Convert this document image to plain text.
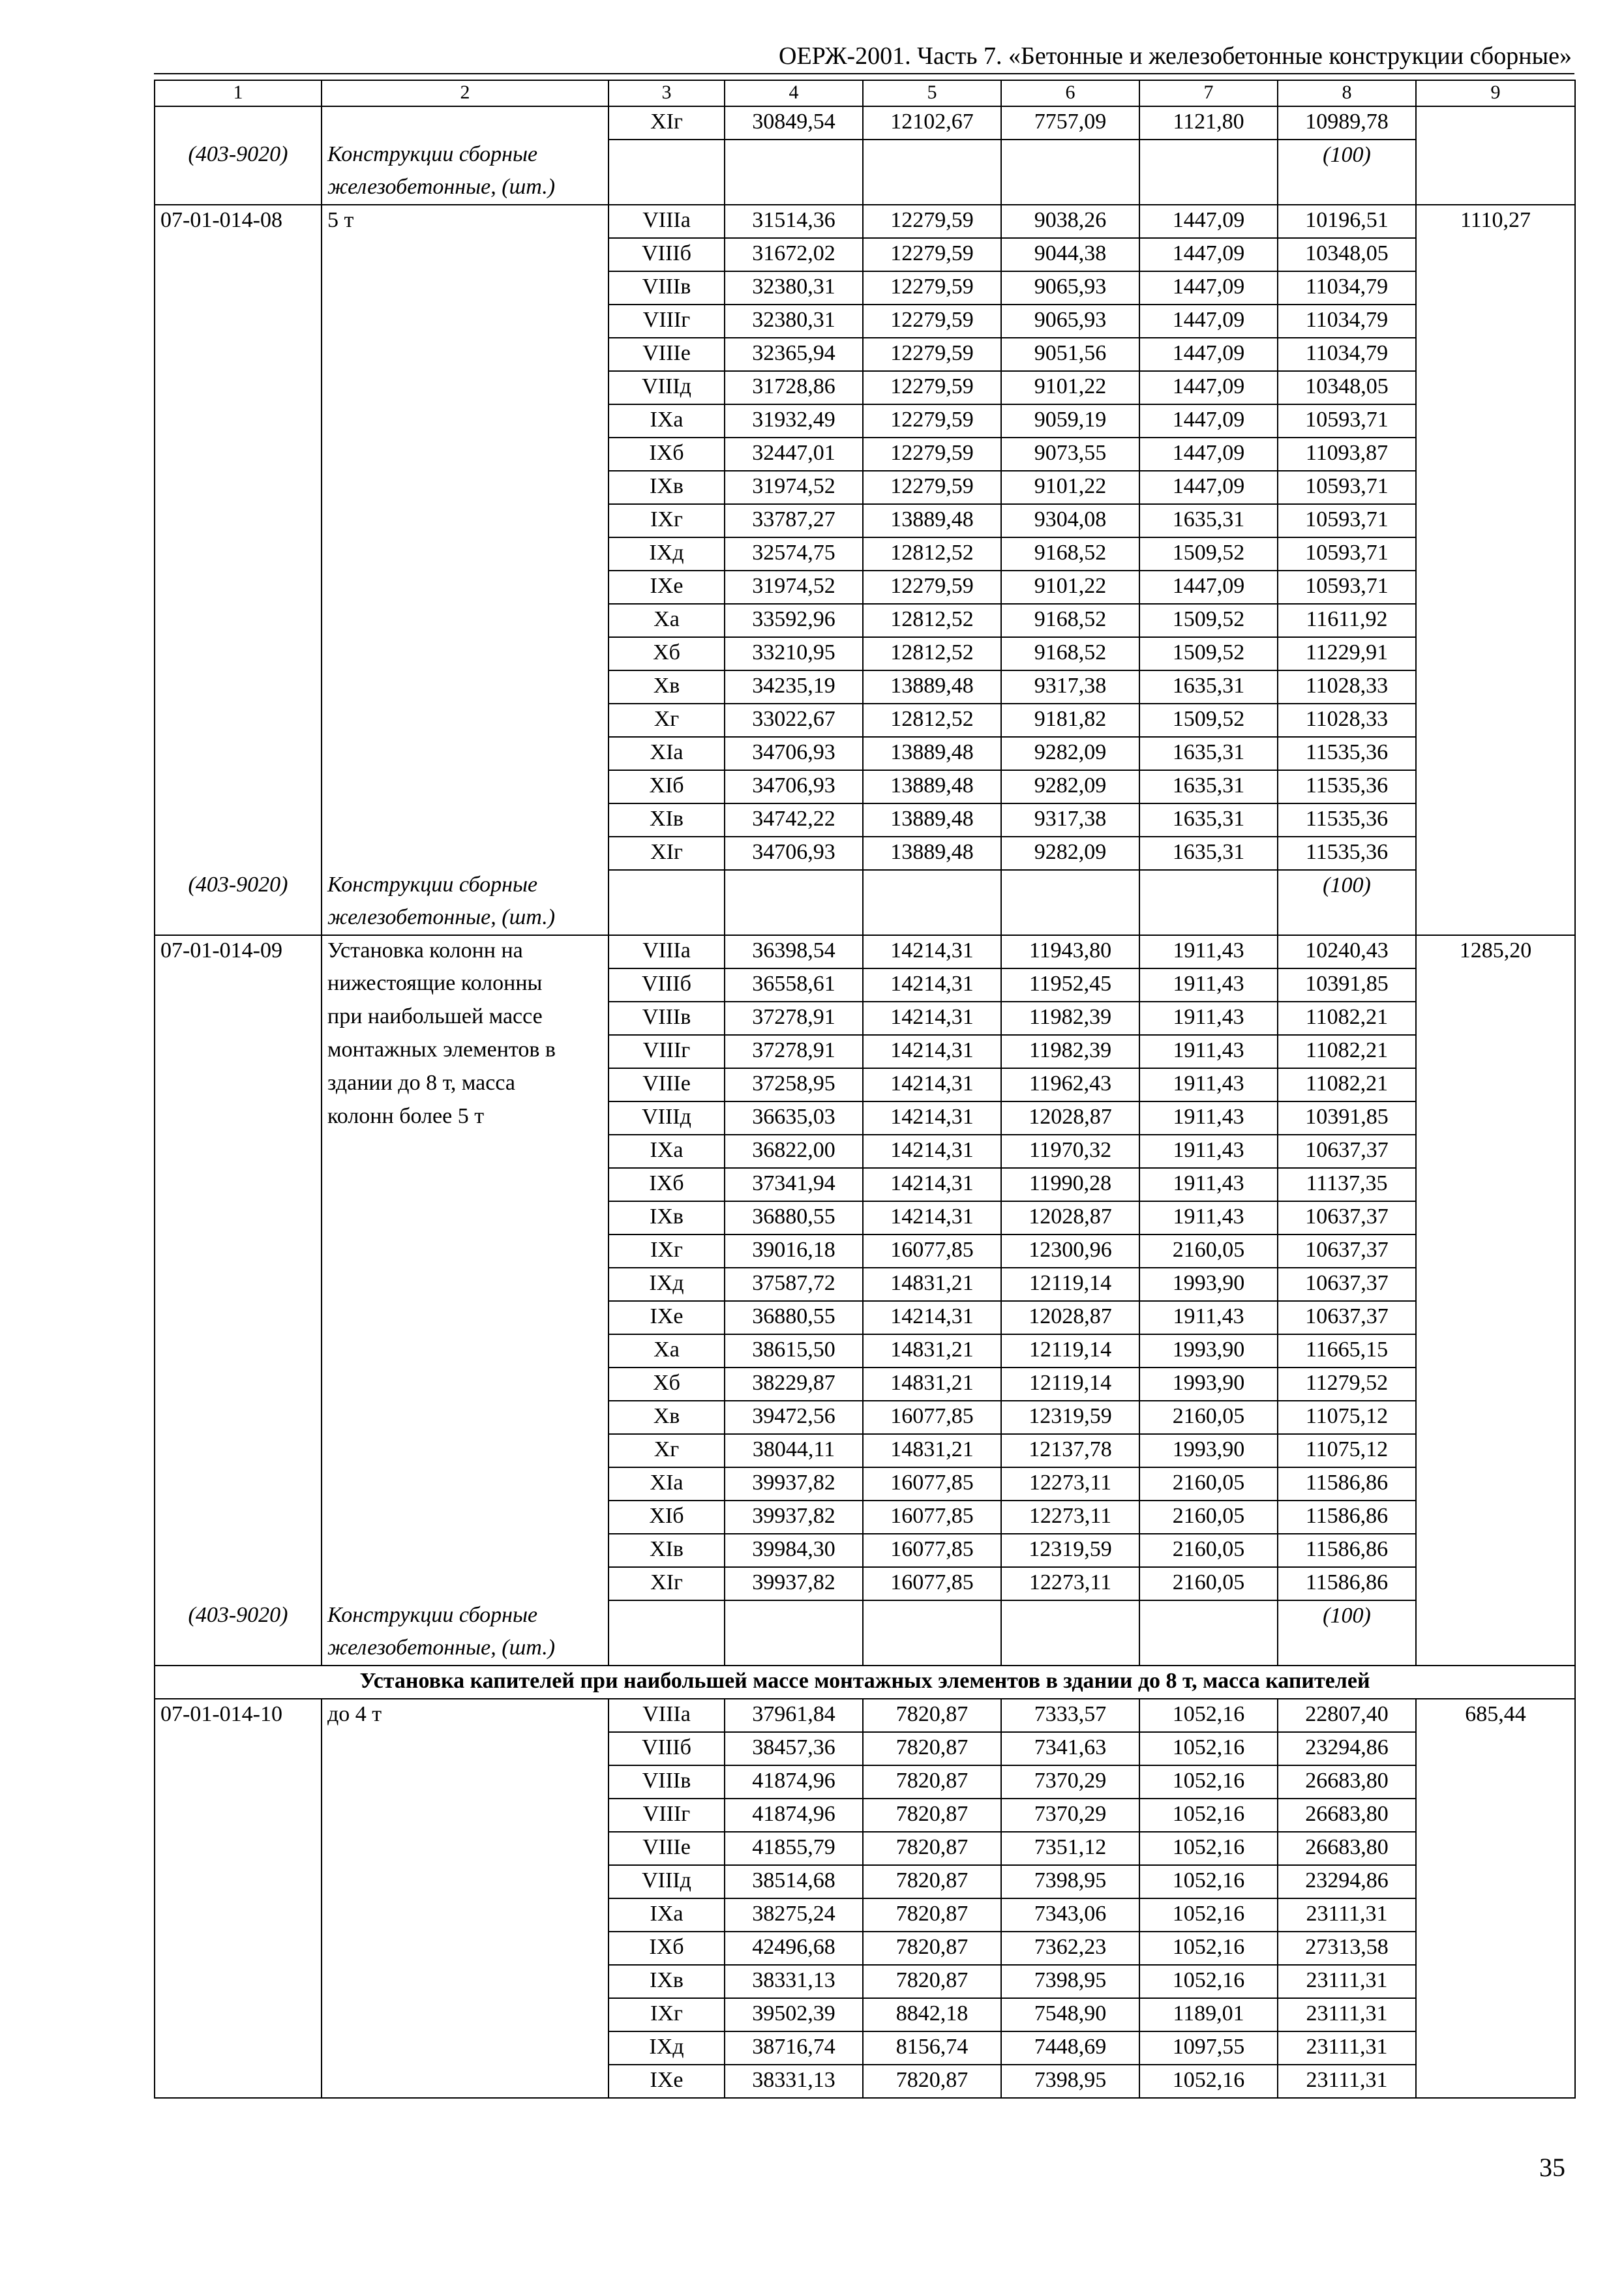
ОЕРЖ-2001. Часть 7. «Бетонные и железобетонные конструкции сборные»
1	2	3	4	5	6	7	8	9
		XIг	30849,54	12102,67	7757,09	1121,80	10989,78	
(403-9020)	Конструкции сборные						(100)	
	железобетонные, (шт.)							
07-01-014-08	5 т	VIIIа	31514,36	12279,59	9038,26	1447,09	10196,51	1110,27
		VIIIб	31672,02	12279,59	9044,38	1447,09	10348,05	
		VIIIв	32380,31	12279,59	9065,93	1447,09	11034,79	
		VIIIг	32380,31	12279,59	9065,93	1447,09	11034,79	
		VIIIе	32365,94	12279,59	9051,56	1447,09	11034,79	
		VIIIд	31728,86	12279,59	9101,22	1447,09	10348,05	
		IXа	31932,49	12279,59	9059,19	1447,09	10593,71	
		IXб	32447,01	12279,59	9073,55	1447,09	11093,87	
		IXв	31974,52	12279,59	9101,22	1447,09	10593,71	
		IXг	33787,27	13889,48	9304,08	1635,31	10593,71	
		IXд	32574,75	12812,52	9168,52	1509,52	10593,71	
		IXе	31974,52	12279,59	9101,22	1447,09	10593,71	
		Xа	33592,96	12812,52	9168,52	1509,52	11611,92	
		Xб	33210,95	12812,52	9168,52	1509,52	11229,91	
		Xв	34235,19	13889,48	9317,38	1635,31	11028,33	
		Xг	33022,67	12812,52	9181,82	1509,52	11028,33	
		XIа	34706,93	13889,48	9282,09	1635,31	11535,36	
		XIб	34706,93	13889,48	9282,09	1635,31	11535,36	
		XIв	34742,22	13889,48	9317,38	1635,31	11535,36	
		XIг	34706,93	13889,48	9282,09	1635,31	11535,36	
(403-9020)	Конструкции сборные						(100)	
	железобетонные, (шт.)							
07-01-014-09	Установка колонн на	VIIIа	36398,54	14214,31	11943,80	1911,43	10240,43	1285,20
	нижестоящие колонны	VIIIб	36558,61	14214,31	11952,45	1911,43	10391,85	
	при наибольшей массе	VIIIв	37278,91	14214,31	11982,39	1911,43	11082,21	
	монтажных элементов в	VIIIг	37278,91	14214,31	11982,39	1911,43	11082,21	
	здании до 8 т, масса	VIIIе	37258,95	14214,31	11962,43	1911,43	11082,21	
	колонн более 5 т	VIIIд	36635,03	14214,31	12028,87	1911,43	10391,85	
		IXа	36822,00	14214,31	11970,32	1911,43	10637,37	
		IXб	37341,94	14214,31	11990,28	1911,43	11137,35	
		IXв	36880,55	14214,31	12028,87	1911,43	10637,37	
		IXг	39016,18	16077,85	12300,96	2160,05	10637,37	
		IXд	37587,72	14831,21	12119,14	1993,90	10637,37	
		IXе	36880,55	14214,31	12028,87	1911,43	10637,37	
		Xа	38615,50	14831,21	12119,14	1993,90	11665,15	
		Xб	38229,87	14831,21	12119,14	1993,90	11279,52	
		Xв	39472,56	16077,85	12319,59	2160,05	11075,12	
		Xг	38044,11	14831,21	12137,78	1993,90	11075,12	
		XIа	39937,82	16077,85	12273,11	2160,05	11586,86	
		XIб	39937,82	16077,85	12273,11	2160,05	11586,86	
		XIв	39984,30	16077,85	12319,59	2160,05	11586,86	
		XIг	39937,82	16077,85	12273,11	2160,05	11586,86	
(403-9020)	Конструкции сборные						(100)	
	железобетонные, (шт.)							
Установка капителей при наибольшей массе монтажных элементов в здании до 8 т, масса капителей								
07-01-014-10	до 4 т	VIIIа	37961,84	7820,87	7333,57	1052,16	22807,40	685,44
		VIIIб	38457,36	7820,87	7341,63	1052,16	23294,86	
		VIIIв	41874,96	7820,87	7370,29	1052,16	26683,80	
		VIIIг	41874,96	7820,87	7370,29	1052,16	26683,80	
		VIIIе	41855,79	7820,87	7351,12	1052,16	26683,80	
		VIIIд	38514,68	7820,87	7398,95	1052,16	23294,86	
		IXа	38275,24	7820,87	7343,06	1052,16	23111,31	
		IXб	42496,68	7820,87	7362,23	1052,16	27313,58	
		IXв	38331,13	7820,87	7398,95	1052,16	23111,31	
		IXг	39502,39	8842,18	7548,90	1189,01	23111,31	
		IXд	38716,74	8156,74	7448,69	1097,55	23111,31	
		IXе	38331,13	7820,87	7398,95	1052,16	23111,31	
35
